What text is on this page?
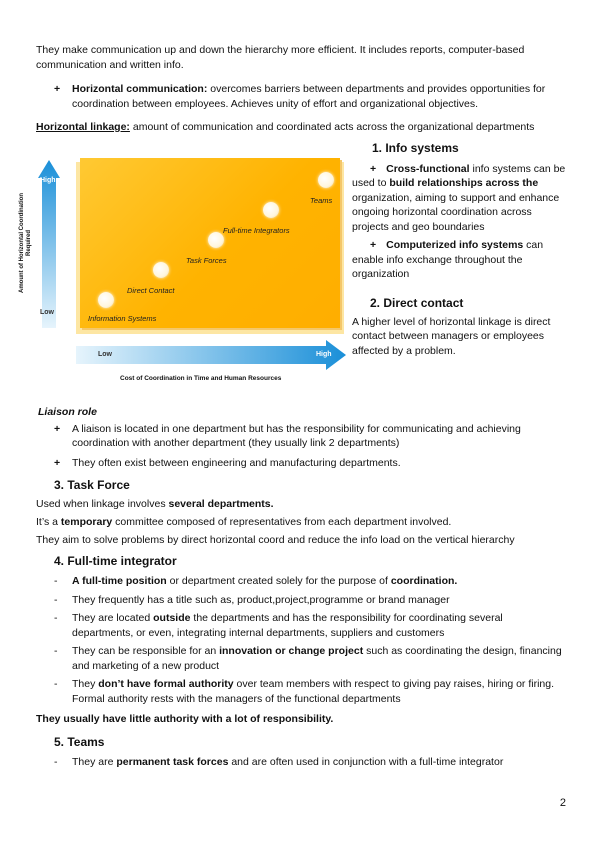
They make communication up and down the hierarchy more efficient. It includes reports, computer-based communication and written info.

+ Horizontal communication: overcomes barriers between departments and provides opportunities for coordination between employees. Achieves unity of effort and organizational objectives.

Horizontal linkage: amount of communication and coordinated acts across the organizational departments

Amount of Horizontal Coordination Required
High
Low
Information Systems
Direct Contact
Task Forces
Full-time Integrators
Teams
Low	High
Cost of Coordination in Time and Human Resources

1. Info systems

+ Cross-functional info systems can be used to build relationships across the organization, aiming to support and enhance ongoing horizontal coordination across projects and geo boundaries

+ Computerized info systems can enable info exchange throughout the organization

2. Direct contact

A higher level of horizontal linkage is direct contact between managers or employees affected by a problem.

Liaison role

+ A liaison is located in one department but has the responsibility for communicating and achieving coordination with another department (they usually link 2 departments)

+ They often exist between engineering and manufacturing departments.

3. Task Force

Used when linkage involves several departments.

It’s a temporary committee composed of representatives from each department involved.

They aim to solve problems by direct horizontal coord and reduce the info load on the vertical hierarchy

4. Full-time integrator

- A full-time position or department created solely for the purpose of coordination.

- They frequently has a title such as, product,project,programme or brand manager

- They are located outside the departments and has the responsibility for coordinating several departments, or even, integrating internal departments, suppliers and customers

- They can be responsible for an innovation or change project such as coordinating the design, financing and marketing of a new product

- They don’t have formal authority over team members with respect to giving pay raises, hiring or firing. Formal authority rests with the managers of the functional departments

They usually have little authority with a lot of responsibility.

5. Teams

- They are permanent task forces and are often used in conjunction with a full-time integrator

2
